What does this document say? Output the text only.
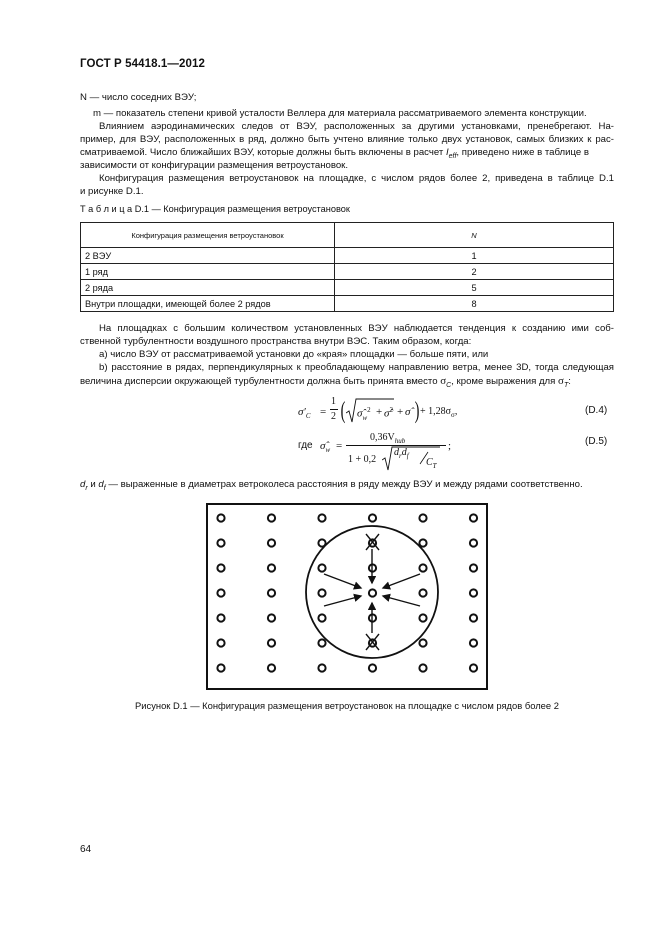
ГОСТ Р 54418.1—2012
N — число соседних ВЭУ;
m — показатель степени кривой усталости Веллера для материала рассматриваемого элемента конструкции.
Влиянием аэродинамических следов от ВЭУ, расположенных за другими установками, пренебрегают. На-
пример, для ВЭУ, расположенных в ряд, должно быть учтено влияние только двух установок, самых близких к рас-
сматриваемой. Число ближайших ВЭУ, которые должны быть включены в расчет $I_{eff}$, приведено ниже в таблице в
зависимости от конфигурации размещения ветроустановок.
Конфигурация размещения ветроустановок на площадке, с числом рядов более 2, приведена в таблице D.1
и рисунке D.1.
Т а б л и ц а D.1 — Конфигурация размещения ветроустановок
Конфигурация размещения ветроустановок	N
2 ВЭУ	1
1 ряд	2
2 ряда	5
Внутри площадки, имеющей более 2 рядов	8
На площадках с большим количеством установленных ВЭУ наблюдается тенденция к созданию ими соб-
ственной турбулентности воздушного пространства внутри ВЭС. Таким образом, когда:
а) число ВЭУ от рассматриваемой установки до «края» площадки — больше пяти, или
b) расстояние в рядах, перпендикулярных к преобладающему направлению ветра, менее 3D, тогда следующая
величина дисперсии окружающей турбулентности должна быть принята вместо $\sigma_C$, кроме выражения для $\sigma_T$:
$\sigma'_C$ =
1
2 ( $\sigmâ_w^2$ + σ̂$^2$ + σ̂ ) + $1,28\sigma_\sigma$,	(D.4)
где $\sigmâ_w$ =
$0,36V_{hub}$
1 + 0,2
$d_rd_f$
$C_T$
;	(D.5)
$d_r$ и $d_f$ — выраженные в диаметрах ветроколеса расстояния в ряду между ВЭУ и между рядами соответственно.
Рисунок D.1 — Конфигурация размещения ветроустановок на площадке с числом рядов более 2
64
